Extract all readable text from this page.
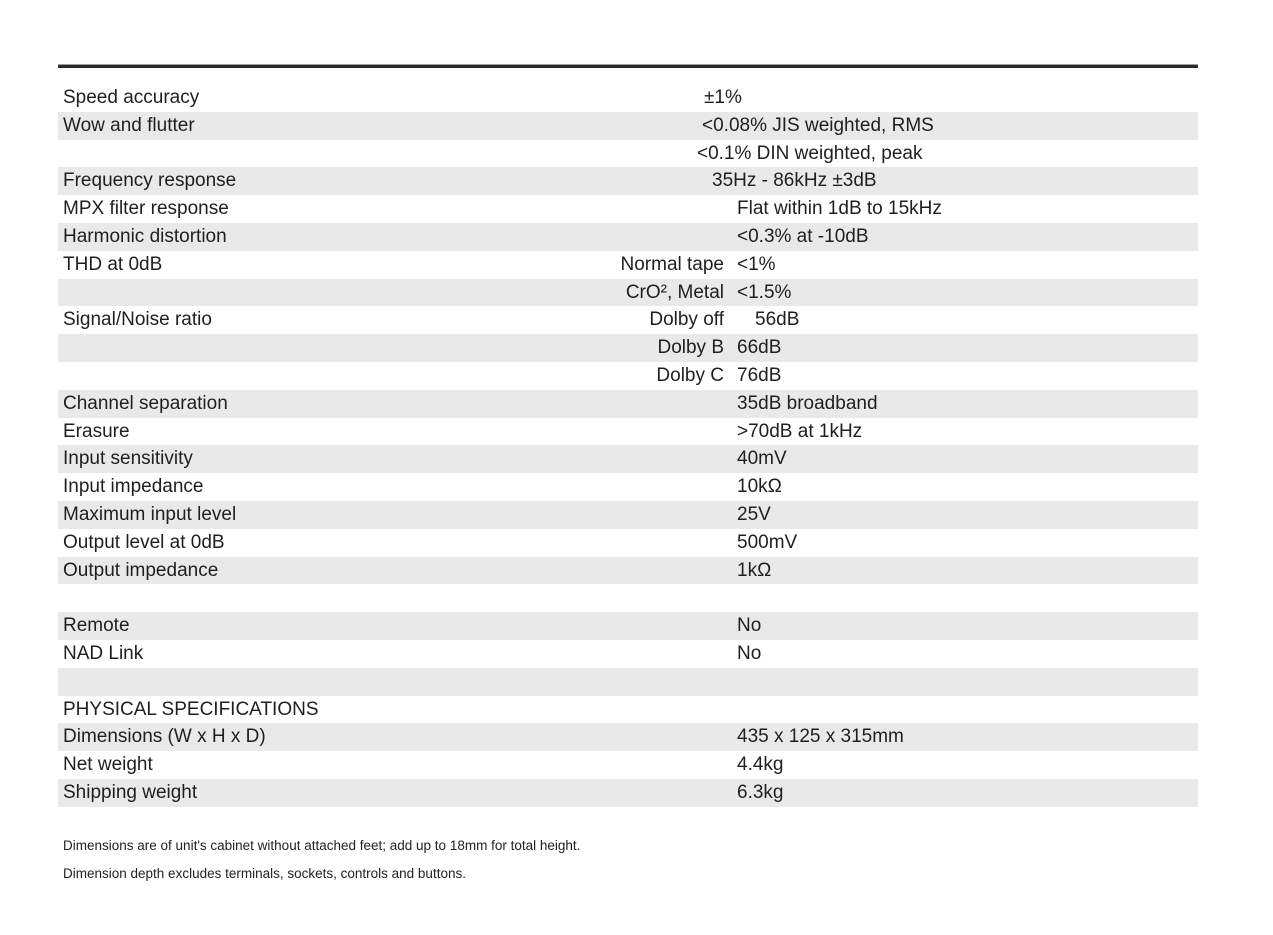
Speed accuracy	±1%
Wow and flutter	<0.08% JIS weighted, RMS
<0.1% DIN weighted, peak
Frequency response	35Hz - 86kHz ±3dB
MPX filter response	Flat within 1dB to 15kHz
Harmonic distortion	<0.3% at -10dB
THD at 0dB	Normal tape <1%
CrO², Metal <1.5%
Signal/Noise ratio	Dolby off 56dB
Dolby B 66dB
Dolby C 76dB
Channel separation	35dB broadband
Erasure	>70dB at 1kHz
Input sensitivity	40mV
Input impedance	10kΩ
Maximum input level	25V
Output level at 0dB	500mV
Output impedance	1kΩ
Remote	No
NAD Link	No
PHYSICAL SPECIFICATIONS
Dimensions (W x H x D)	435 x 125 x 315mm
Net weight	4.4kg
Shipping weight	6.3kg
Dimensions are of unit's cabinet without attached feet; add up to 18mm for total height.
Dimension depth excludes terminals, sockets, controls and buttons.
